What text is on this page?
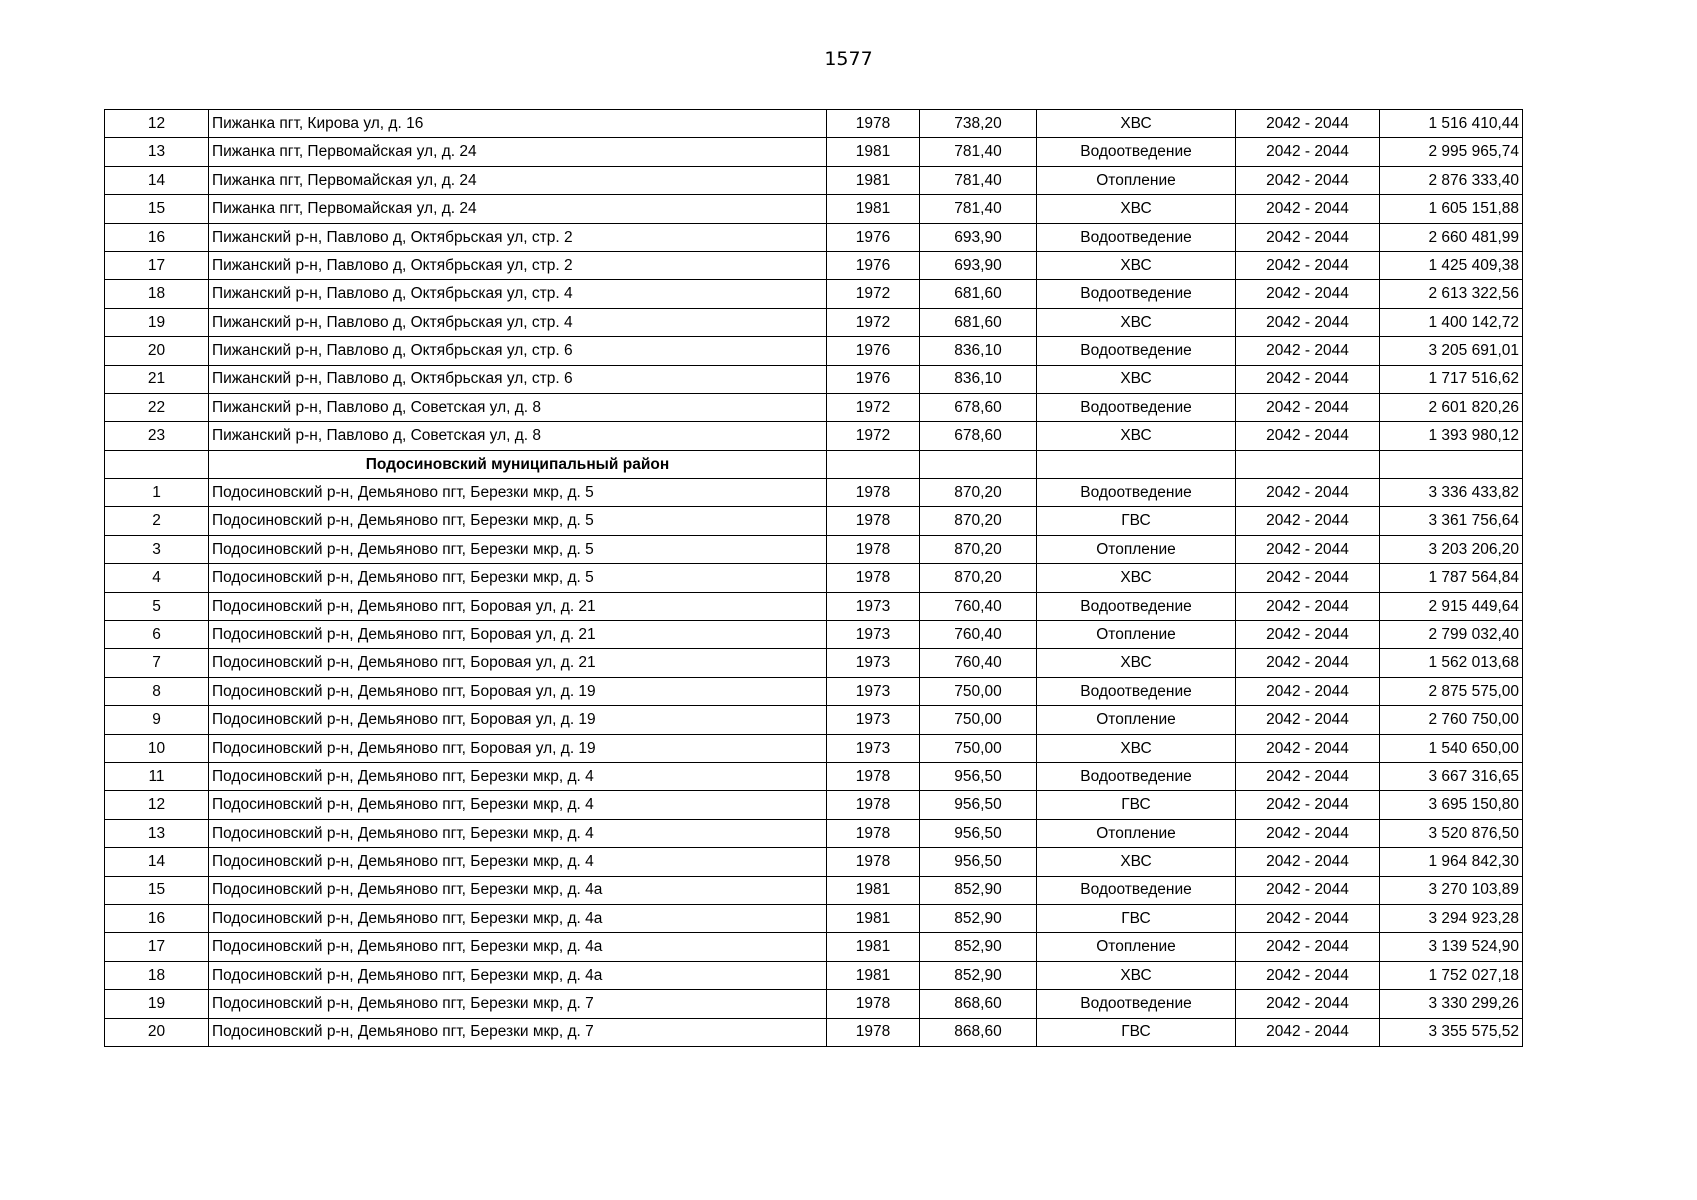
1577
12	Пижанка пгт, Кирова ул, д. 16	1978	738,20	ХВС	2042 - 2044	1 516 410,44
13	Пижанка пгт, Первомайская ул, д. 24	1981	781,40	Водоотведение	2042 - 2044	2 995 965,74
14	Пижанка пгт, Первомайская ул, д. 24	1981	781,40	Отопление	2042 - 2044	2 876 333,40
15	Пижанка пгт, Первомайская ул, д. 24	1981	781,40	ХВС	2042 - 2044	1 605 151,88
16	Пижанский р-н, Павлово д, Октябрьская ул, стр. 2	1976	693,90	Водоотведение	2042 - 2044	2 660 481,99
17	Пижанский р-н, Павлово д, Октябрьская ул, стр. 2	1976	693,90	ХВС	2042 - 2044	1 425 409,38
18	Пижанский р-н, Павлово д, Октябрьская ул, стр. 4	1972	681,60	Водоотведение	2042 - 2044	2 613 322,56
19	Пижанский р-н, Павлово д, Октябрьская ул, стр. 4	1972	681,60	ХВС	2042 - 2044	1 400 142,72
20	Пижанский р-н, Павлово д, Октябрьская ул, стр. 6	1976	836,10	Водоотведение	2042 - 2044	3 205 691,01
21	Пижанский р-н, Павлово д, Октябрьская ул, стр. 6	1976	836,10	ХВС	2042 - 2044	1 717 516,62
22	Пижанский р-н, Павлово д, Советская ул, д. 8	1972	678,60	Водоотведение	2042 - 2044	2 601 820,26
23	Пижанский р-н, Павлово д, Советская ул, д. 8	1972	678,60	ХВС	2042 - 2044	1 393 980,12
	Подосиновский муниципальный район					
1	Подосиновский р-н, Демьяново пгт, Березки мкр, д. 5	1978	870,20	Водоотведение	2042 - 2044	3 336 433,82
2	Подосиновский р-н, Демьяново пгт, Березки мкр, д. 5	1978	870,20	ГВС	2042 - 2044	3 361 756,64
3	Подосиновский р-н, Демьяново пгт, Березки мкр, д. 5	1978	870,20	Отопление	2042 - 2044	3 203 206,20
4	Подосиновский р-н, Демьяново пгт, Березки мкр, д. 5	1978	870,20	ХВС	2042 - 2044	1 787 564,84
5	Подосиновский р-н, Демьяново пгт, Боровая ул, д. 21	1973	760,40	Водоотведение	2042 - 2044	2 915 449,64
6	Подосиновский р-н, Демьяново пгт, Боровая ул, д. 21	1973	760,40	Отопление	2042 - 2044	2 799 032,40
7	Подосиновский р-н, Демьяново пгт, Боровая ул, д. 21	1973	760,40	ХВС	2042 - 2044	1 562 013,68
8	Подосиновский р-н, Демьяново пгт, Боровая ул, д. 19	1973	750,00	Водоотведение	2042 - 2044	2 875 575,00
9	Подосиновский р-н, Демьяново пгт, Боровая ул, д. 19	1973	750,00	Отопление	2042 - 2044	2 760 750,00
10	Подосиновский р-н, Демьяново пгт, Боровая ул, д. 19	1973	750,00	ХВС	2042 - 2044	1 540 650,00
11	Подосиновский р-н, Демьяново пгт, Березки мкр, д. 4	1978	956,50	Водоотведение	2042 - 2044	3 667 316,65
12	Подосиновский р-н, Демьяново пгт, Березки мкр, д. 4	1978	956,50	ГВС	2042 - 2044	3 695 150,80
13	Подосиновский р-н, Демьяново пгт, Березки мкр, д. 4	1978	956,50	Отопление	2042 - 2044	3 520 876,50
14	Подосиновский р-н, Демьяново пгт, Березки мкр, д. 4	1978	956,50	ХВС	2042 - 2044	1 964 842,30
15	Подосиновский р-н, Демьяново пгт, Березки мкр, д. 4а	1981	852,90	Водоотведение	2042 - 2044	3 270 103,89
16	Подосиновский р-н, Демьяново пгт, Березки мкр, д. 4а	1981	852,90	ГВС	2042 - 2044	3 294 923,28
17	Подосиновский р-н, Демьяново пгт, Березки мкр, д. 4а	1981	852,90	Отопление	2042 - 2044	3 139 524,90
18	Подосиновский р-н, Демьяново пгт, Березки мкр, д. 4а	1981	852,90	ХВС	2042 - 2044	1 752 027,18
19	Подосиновский р-н, Демьяново пгт, Березки мкр, д. 7	1978	868,60	Водоотведение	2042 - 2044	3 330 299,26
20	Подосиновский р-н, Демьяново пгт, Березки мкр, д. 7	1978	868,60	ГВС	2042 - 2044	3 355 575,52
